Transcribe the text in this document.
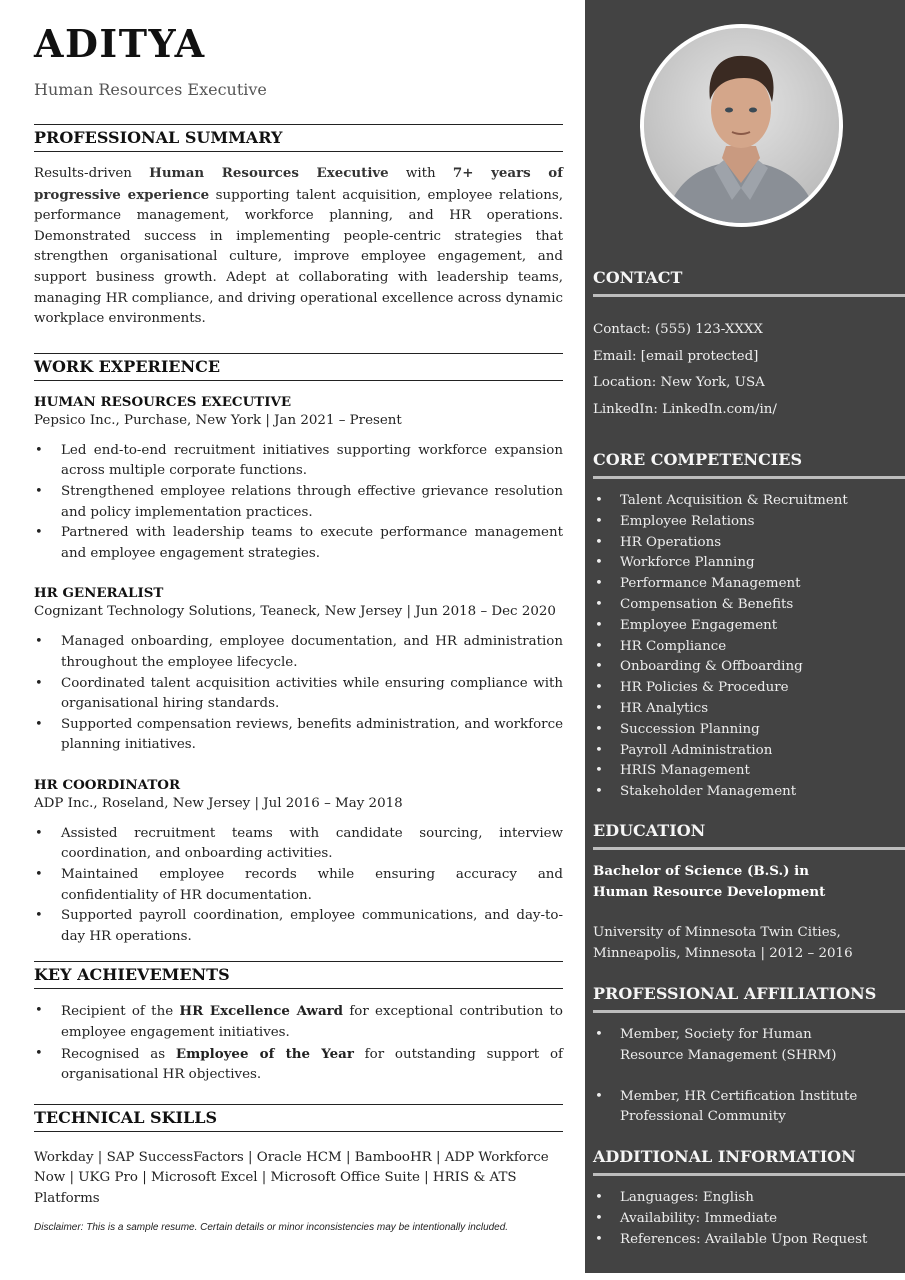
ADITYA
Human Resources Executive
PROFESSIONAL SUMMARY

Results-driven Human Resources Executive with 7+ years of progressive experience supporting talent acquisition, employee relations, performance management, workforce planning, and HR operations. Demonstrated success in implementing people-centric strategies that strengthen organisational culture, improve employee engagement, and support business growth. Adept at collaborating with leadership teams, managing HR compliance, and driving operational excellence across dynamic workplace environments.

WORK EXPERIENCE
HUMAN RESOURCES EXECUTIVE
Pepsico Inc., Purchase, New York | Jan 2021 – Present
• Led end-to-end recruitment initiatives supporting workforce expansion across multiple corporate functions.
• Strengthened employee relations through effective grievance resolution and policy implementation practices.
• Partnered with leadership teams to execute performance management and employee engagement strategies.
HR GENERALIST
Cognizant Technology Solutions, Teaneck, New Jersey | Jun 2018 – Dec 2020
• Managed onboarding, employee documentation, and HR administration throughout the employee lifecycle.
• Coordinated talent acquisition activities while ensuring compliance with organisational hiring standards.
• Supported compensation reviews, benefits administration, and workforce planning initiatives.
HR COORDINATOR
ADP Inc., Roseland, New Jersey | Jul 2016 – May 2018
• Assisted recruitment teams with candidate sourcing, interview coordination, and onboarding activities.
• Maintained employee records while ensuring accuracy and confidentiality of HR documentation.
• Supported payroll coordination, employee communications, and day-to-day HR operations.
KEY ACHIEVEMENTS
• Recipient of the HR Excellence Award for exceptional contribution to employee engagement initiatives.
• Recognised as Employee of the Year for outstanding support of organisational HR objectives.
TECHNICAL SKILLS

Workday | SAP SuccessFactors | Oracle HCM | BambooHR | ADP Workforce Now | UKG Pro | Microsoft Excel | Microsoft Office Suite | HRIS & ATS Platforms

Disclaimer: This is a sample resume. Certain details or minor inconsistencies may be intentionally included.
CONTACT
Contact: (555) 123-XXXX
Email: [email protected]
Location: New York, USA
LinkedIn: LinkedIn.com/in/
CORE COMPETENCIES
• Talent Acquisition & Recruitment
• Employee Relations
• HR Operations
• Workforce Planning
• Performance Management
• Compensation & Benefits
• Employee Engagement
• HR Compliance
• Onboarding & Offboarding
• HR Policies & Procedure
• HR Analytics
• Succession Planning
• Payroll Administration
• HRIS Management
• Stakeholder Management
EDUCATION
Bachelor of Science (B.S.) in Human Resource Development
University of Minnesota Twin Cities, Minneapolis, Minnesota | 2012 – 2016
PROFESSIONAL AFFILIATIONS
• Member, Society for Human Resource Management (SHRM)
• Member, HR Certification Institute Professional Community
ADDITIONAL INFORMATION
• Languages: English
• Availability: Immediate
• References: Available Upon Request
